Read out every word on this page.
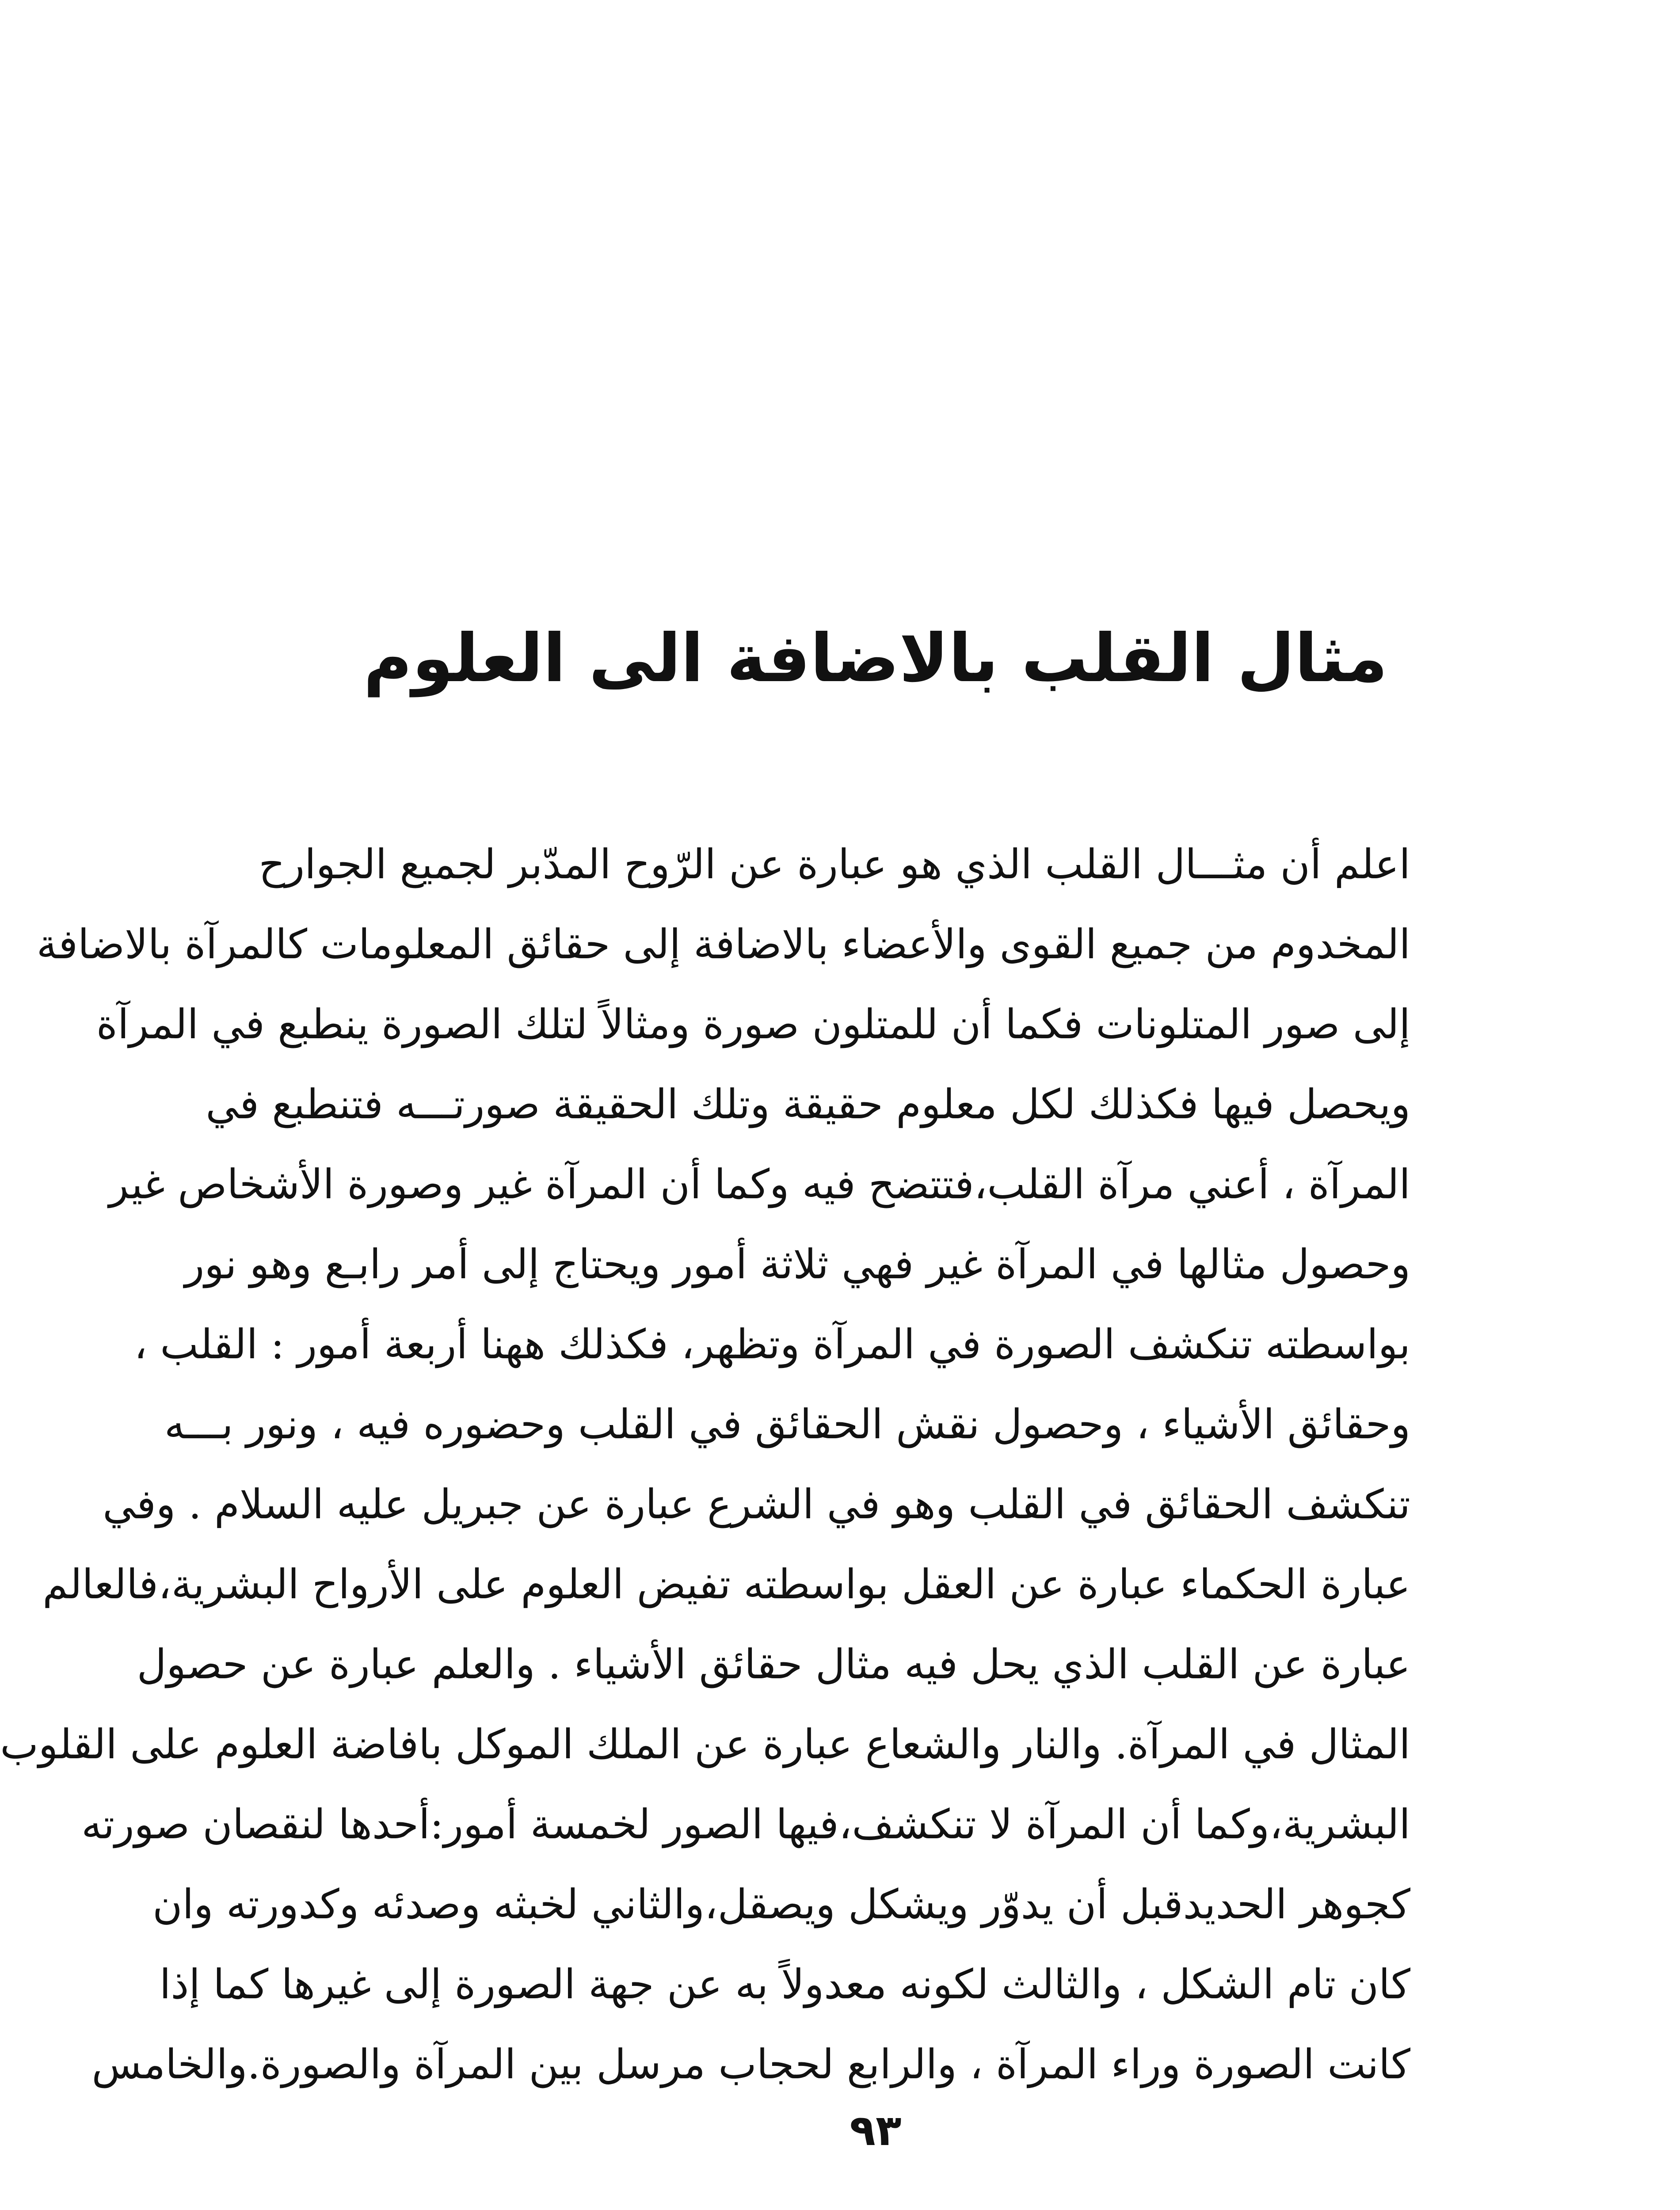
مثال القلب بالاضافة الى العلوم
اعلم أن مثـــال القلب الذي هو عبارة عن الرّوح المدّبر لجميع الجوارح
المخدوم من جميع القوى والأعضاء بالاضافة إلى حقائق المعلومات كالمرآة بالاضافة
إلى صور المتلونات فكما أن للمتلون صورة ومثالاً لتلك الصورة ينطبع في المرآة
ويحصل فيها فكذلك لكل معلوم حقيقة وتلك الحقيقة صورتـــه فتنطبع في
المرآة ، أعني مرآة القلب،فتتضح فيه وكما أن المرآة غير وصورة الأشخاص غير
وحصول مثالها في المرآة غير فهي ثلاثة أمور ويحتاج إلى أمر رابـع وهو نور
بواسطته تنكشف الصورة في المرآة وتظهر، فكذلك ههنا أربعة أمور : القلب ،
وحقائق الأشياء ، وحصول نقش الحقائق في القلب وحضوره فيه ، ونور بـــه
تنكشف الحقائق في القلب وهو في الشرع عبارة عن جبريل عليه السلام . وفي
عبارة الحكماء عبارة عن العقل بواسطته تفيض العلوم على الأرواح البشرية،فالعالم
عبارة عن القلب الذي يحل فيه مثال حقائق الأشياء . والعلم عبارة عن حصول
المثال في المرآة. والنار والشعاع عبارة عن الملك الموكل بافاضة العلوم على القلوب
البشرية،وكما أن المرآة لا تنكشف،فيها الصور لخمسة أمور:أحدها لنقصان صورته
كجوهر الحديدقبل أن يدوّر ويشكل ويصقل،والثاني لخبثه وصدئه وكدورته وان
كان تام الشكل ، والثالث لكونه معدولاً به عن جهة الصورة إلى غيرها كما إذا
كانت الصورة وراء المرآة ، والرابع لحجاب مرسل بين المرآة والصورة.والخامس
٩٣
